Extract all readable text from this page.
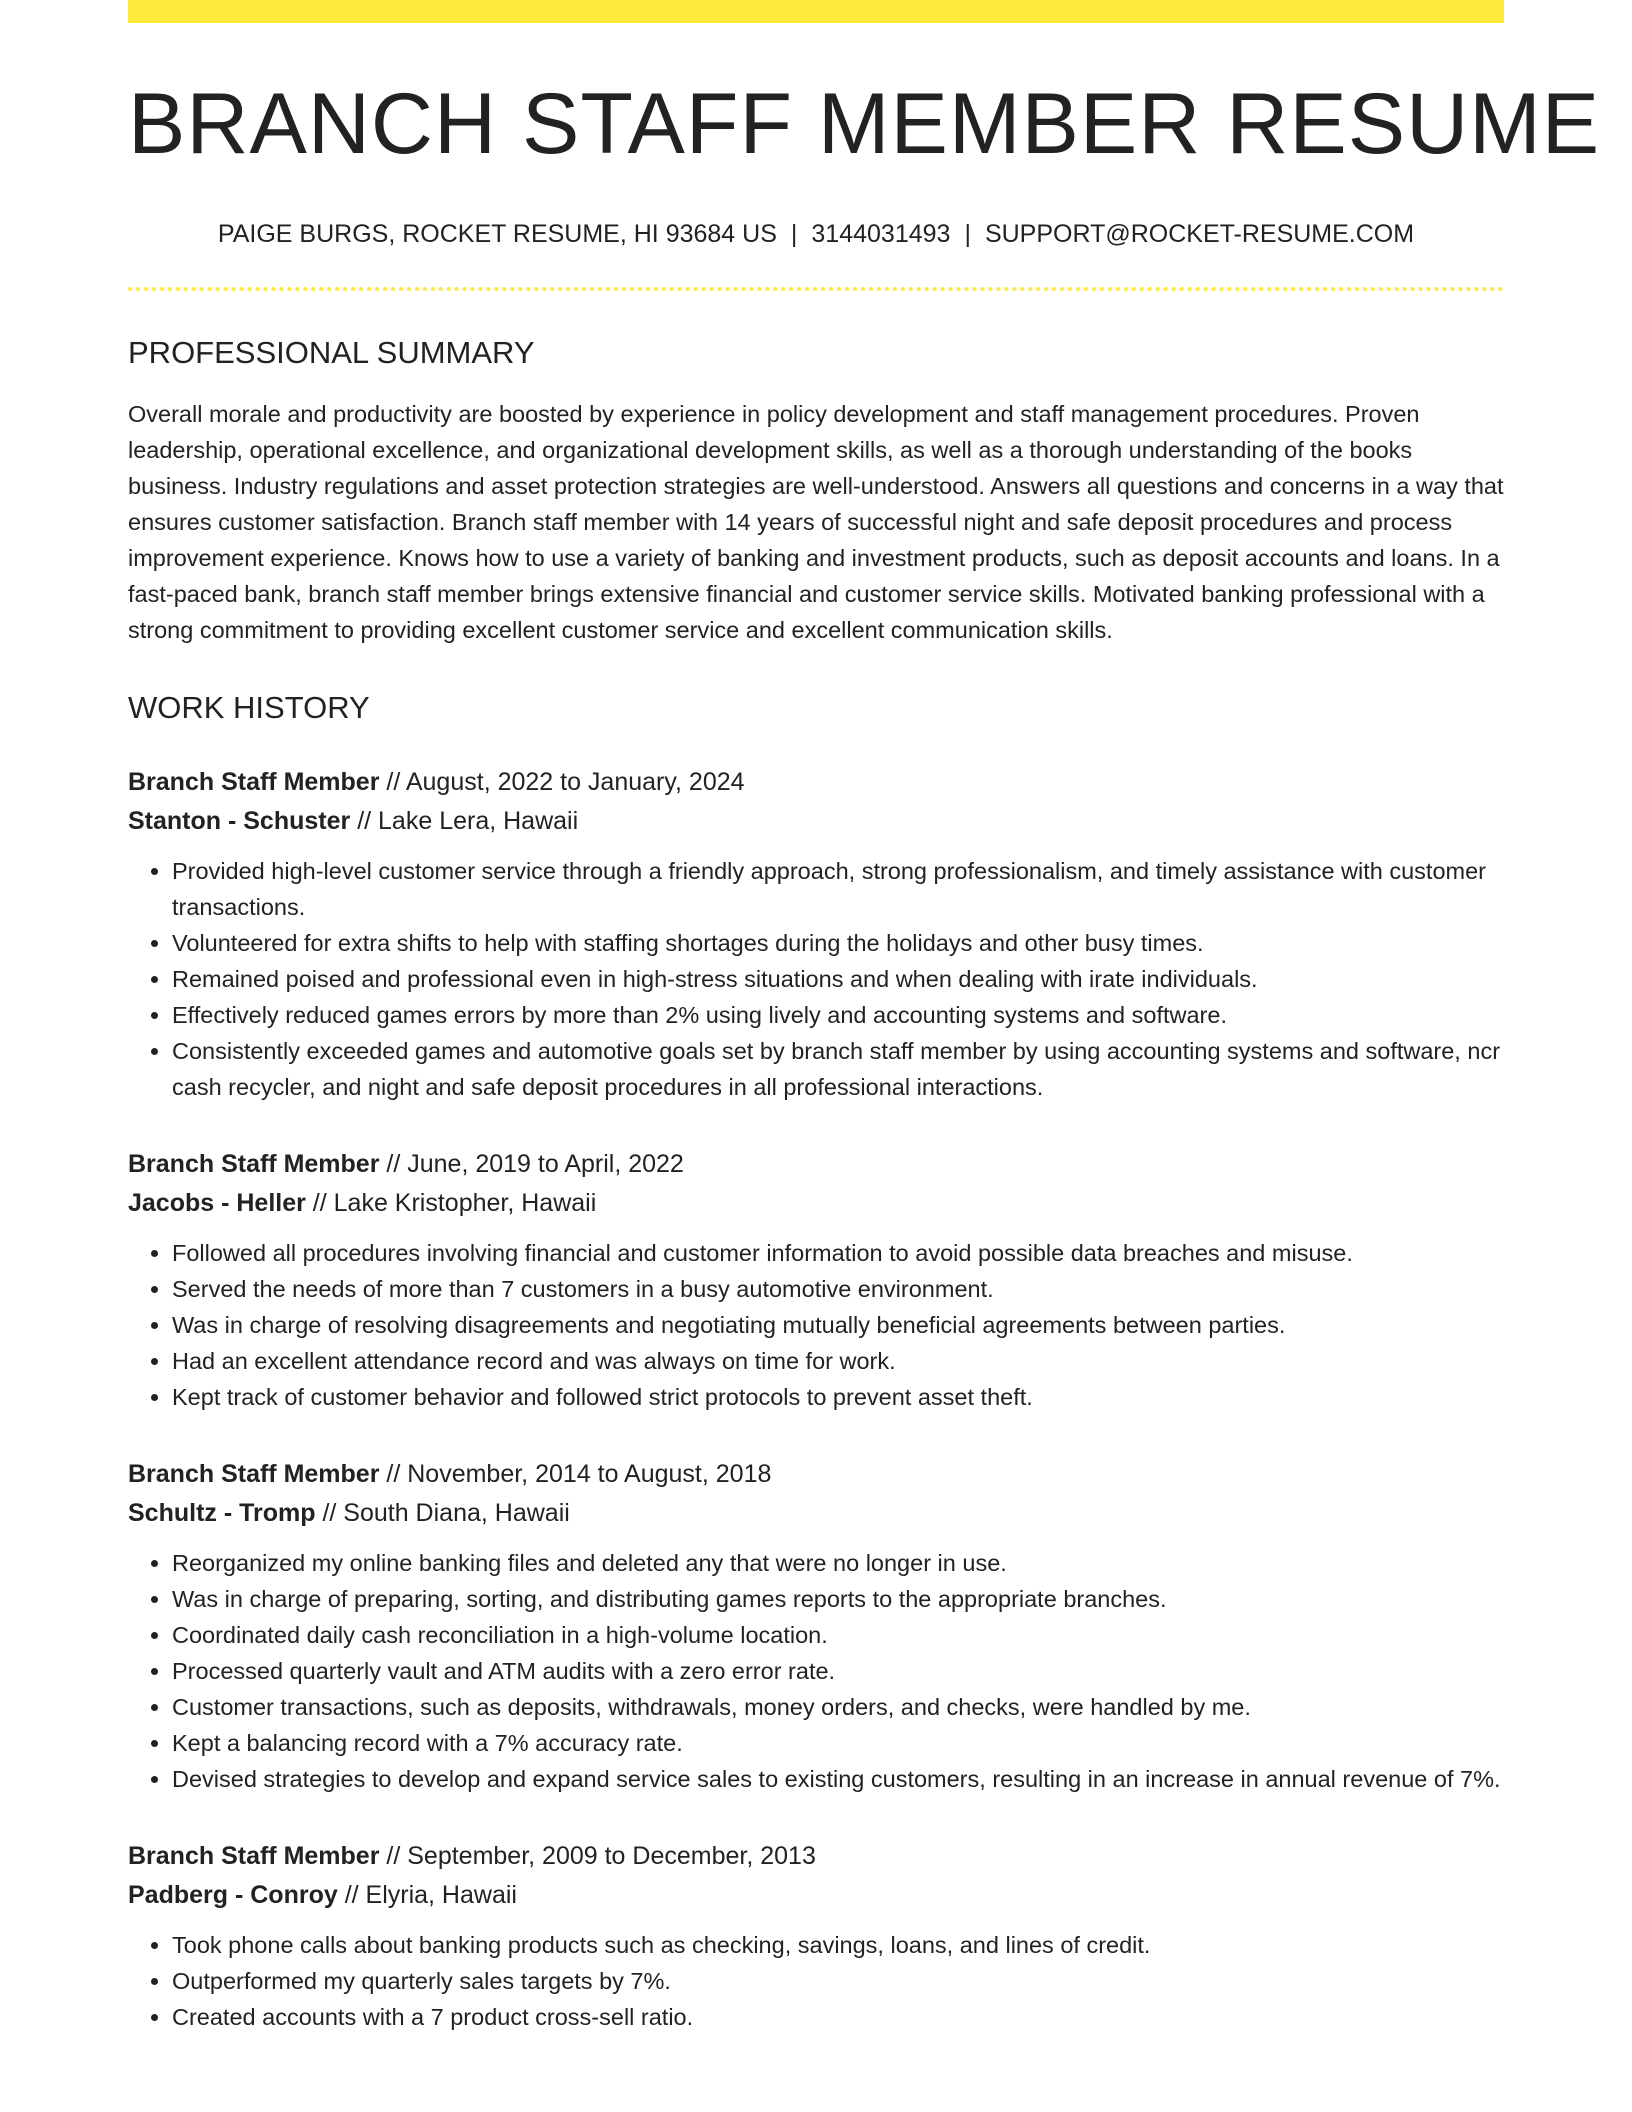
BRANCH STAFF MEMBER RESUME
PAIGE BURGS, ROCKET RESUME, HI 93684 US | 3144031493 | SUPPORT@ROCKET-RESUME.COM
PROFESSIONAL SUMMARY

Overall morale and productivity are boosted by experience in policy development and staff management procedures. Proven leadership, operational excellence, and organizational development skills, as well as a thorough understanding of the books business. Industry regulations and asset protection strategies are well-understood. Answers all questions and concerns in a way that ensures customer satisfaction. Branch staff member with 14 years of successful night and safe deposit procedures and process improvement experience. Knows how to use a variety of banking and investment products, such as deposit accounts and loans. In a fast-paced bank, branch staff member brings extensive financial and customer service skills. Motivated banking professional with a strong commitment to providing excellent customer service and excellent communication skills.

WORK HISTORY
Branch Staff Member // August, 2022 to January, 2024
Stanton - Schuster // Lake Lera, Hawaii
• Provided high-level customer service through a friendly approach, strong professionalism, and timely assistance with customer transactions.
• Volunteered for extra shifts to help with staffing shortages during the holidays and other busy times.
• Remained poised and professional even in high-stress situations and when dealing with irate individuals.
• Effectively reduced games errors by more than 2% using lively and accounting systems and software.
• Consistently exceeded games and automotive goals set by branch staff member by using accounting systems and software, ncr cash recycler, and night and safe deposit procedures in all professional interactions.
Branch Staff Member // June, 2019 to April, 2022
Jacobs - Heller // Lake Kristopher, Hawaii
• Followed all procedures involving financial and customer information to avoid possible data breaches and misuse.
• Served the needs of more than 7 customers in a busy automotive environment.
• Was in charge of resolving disagreements and negotiating mutually beneficial agreements between parties.
• Had an excellent attendance record and was always on time for work.
• Kept track of customer behavior and followed strict protocols to prevent asset theft.
Branch Staff Member // November, 2014 to August, 2018
Schultz - Tromp // South Diana, Hawaii
• Reorganized my online banking files and deleted any that were no longer in use.
• Was in charge of preparing, sorting, and distributing games reports to the appropriate branches.
• Coordinated daily cash reconciliation in a high-volume location.
• Processed quarterly vault and ATM audits with a zero error rate.
• Customer transactions, such as deposits, withdrawals, money orders, and checks, were handled by me.
• Kept a balancing record with a 7% accuracy rate.
• Devised strategies to develop and expand service sales to existing customers, resulting in an increase in annual revenue of 7%.
Branch Staff Member // September, 2009 to December, 2013
Padberg - Conroy // Elyria, Hawaii
• Took phone calls about banking products such as checking, savings, loans, and lines of credit.
• Outperformed my quarterly sales targets by 7%.
• Created accounts with a 7 product cross-sell ratio.
